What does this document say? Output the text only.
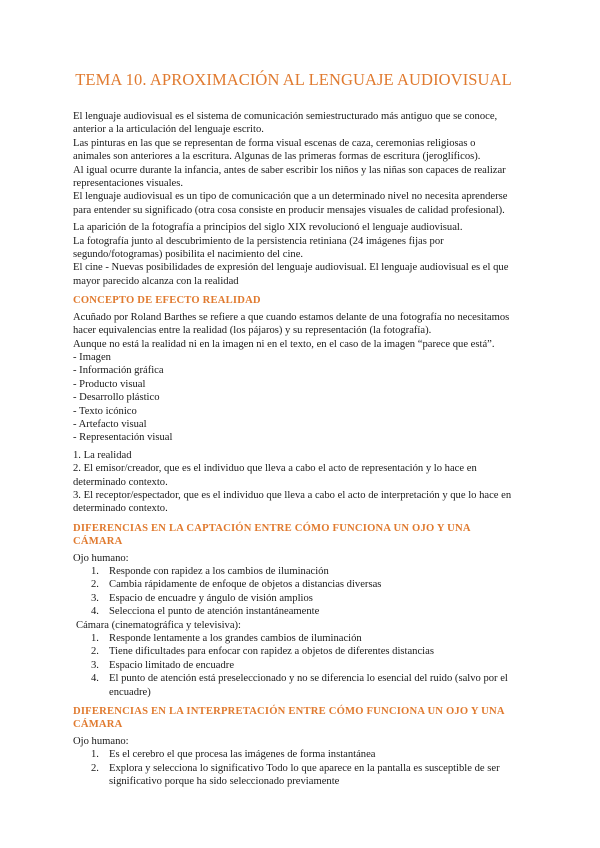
TEMA 10. APROXIMACIÓN AL LENGUAJE AUDIOVISUAL

El lenguaje audiovisual es el sistema de comunicación semiestructurado más antiguo que se conoce, anterior a la articulación del lenguaje escrito.

Las pinturas en las que se representan de forma visual escenas de caza, ceremonias religiosas o animales son anteriores a la escritura. Algunas de las primeras formas de escritura (jeroglíficos).

Al igual ocurre durante la infancia, antes de saber escribir los niños y las niñas son capaces de realizar representaciones visuales.

El lenguaje audiovisual es un tipo de comunicación que a un determinado nivel no necesita aprenderse para entender su significado (otra cosa consiste en producir mensajes visuales de calidad profesional).

La aparición de la fotografía a principios del siglo XIX revolucionó el lenguaje audiovisual.

La fotografía junto al descubrimiento de la persistencia retiniana (24 imágenes fijas por segundo/fotogramas) posibilita el nacimiento del cine.

El cine - Nuevas posibilidades de expresión del lenguaje audiovisual. El lenguaje audiovisual es el que mayor parecido alcanza con la realidad

CONCEPTO DE EFECTO REALIDAD

Acuñado por Roland Barthes se refiere a que cuando estamos delante de una fotografía no necesitamos hacer equivalencias entre la realidad (los pájaros) y su representación (la fotografía).

Aunque no está la realidad ni en la imagen ni en el texto, en el caso de la imagen “parece que está”.

- Imagen
- Información gráfica
- Producto visual
- Desarrollo plástico
- Texto icónico
- Artefacto visual
- Representación visual
1. La realidad
2. El emisor/creador, que es el individuo que lleva a cabo el acto de representación y lo hace en determinado contexto.
3. El receptor/espectador, que es el individuo que lleva a cabo el acto de interpretación y que lo hace en determinado contexto.
DIFERENCIAS EN LA CAPTACIÓN ENTRE CÓMO FUNCIONA UN OJO Y UNA CÁMARA

Ojo humano:

1. Responde con rapidez a los cambios de iluminación
2. Cambia rápidamente de enfoque de objetos a distancias diversas
3. Espacio de encuadre y ángulo de visión amplios
4. Selecciona el punto de atención instantáneamente

Cámara (cinematográfica y televisiva):

1. Responde lentamente a los grandes cambios de iluminación
2. Tiene dificultades para enfocar con rapidez a objetos de diferentes distancias
3. Espacio limitado de encuadre
4. El punto de atención está preseleccionado y no se diferencia lo esencial del ruido (salvo por el encuadre)
DIFERENCIAS EN LA INTERPRETACIÓN ENTRE CÓMO FUNCIONA UN OJO Y UNA CÁMARA

Ojo humano:

1. Es el cerebro el que procesa las imágenes de forma instantánea
2. Explora y selecciona lo significativo Todo lo que aparece en la pantalla es susceptible de ser significativo porque ha sido seleccionado previamente
